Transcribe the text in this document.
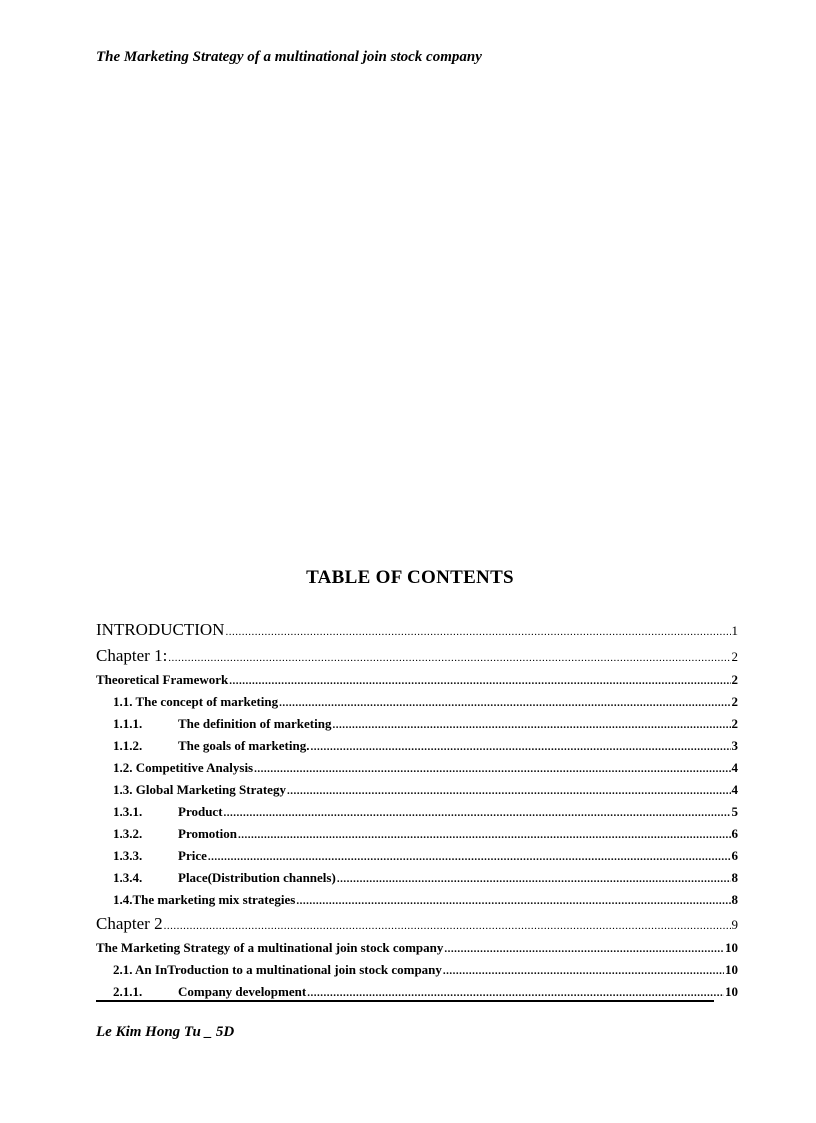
The Marketing Strategy of a multinational join stock company
TABLE OF CONTENTS
INTRODUCTION .....	1
Chapter 1: .....	2
Theoretical Framework .....	2
1.1. The concept of marketing .....	2
1.1.1.	The definition of marketing .....	2
1.1.2.	The goals of marketing. .....	3
1.2. Competitive Analysis .....	4
1.3. Global Marketing Strategy .....	4
1.3.1.	Product .....	5
1.3.2.	Promotion .....	6
1.3.3.	Price .....	6
1.3.4.	Place(Distribution channels) .....	8
1.4.The marketing mix strategies .....	8
Chapter 2 .....	9
The Marketing Strategy of a multinational join stock company .....	10
2.1. An InTroduction to a multinational join stock company .....	10
2.1.1.	Company development .....	10
Le Kim Hong Tu _ 5D
